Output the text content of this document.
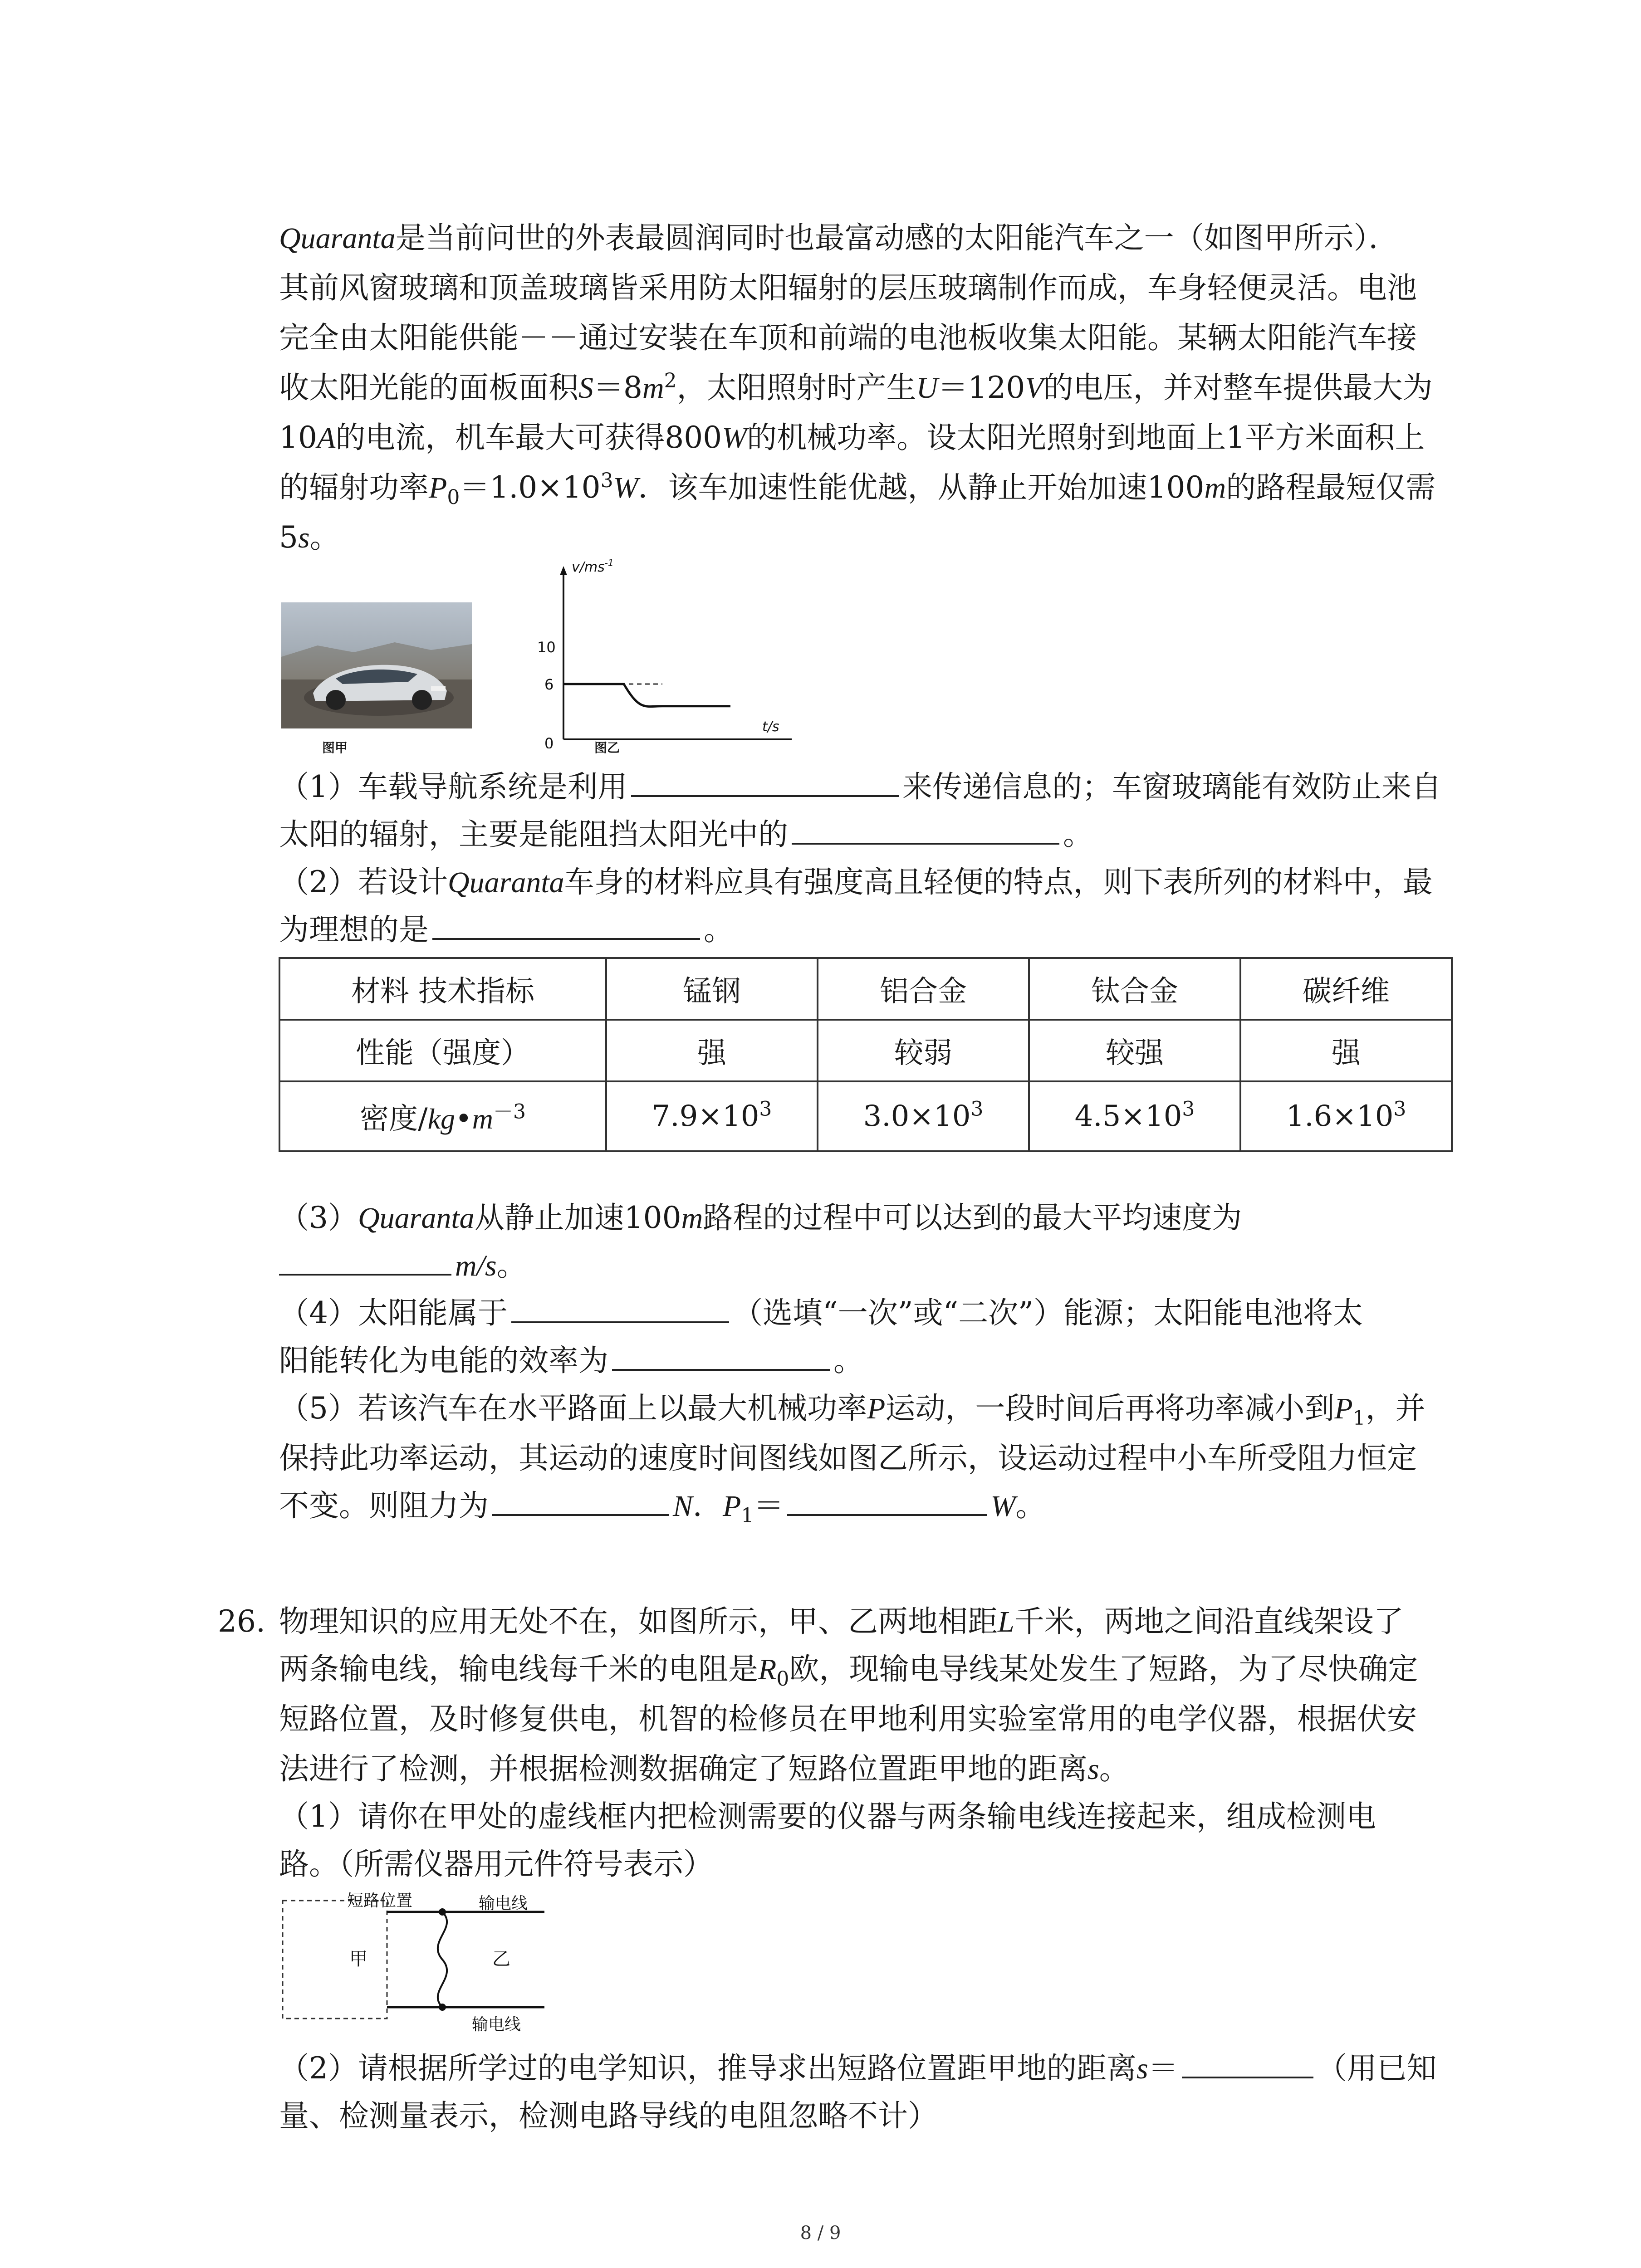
Quaranta是当前问世的外表最圆润同时也最富动感的太阳能汽车之一（如图甲所示）．
其前风窗玻璃和顶盖玻璃皆采用防太阳辐射的层压玻璃制作而成，车身轻便灵活。电池
完全由太阳能供能－－通过安装在车顶和前端的电池板收集太阳能。某辆太阳能汽车接
收太阳光能的面板面积$S=8m^2$，太阳照射时产生U＝120V的电压，并对整车提供最大为
10A的电流，机车最大可获得800W的机械功率。设太阳光照射到地面上1平方米面积上
的辐射功率$P_0=1.0\times 10^3W$．该车加速性能优越，从静止开始加速100m的路程最短仅需
5s。
图甲
$v/ms^{-1}$
10
6
0
t/s
图乙
（1）车载导航系统是利用	来传递信息的；车窗玻璃能有效防止来自
太阳的辐射，主要是能阻挡太阳光中的	。
（2）若设计Quaranta车身的材料应具有强度高且轻便的特点，则下表所列的材料中，最
为理想的是	。
材料 技术指标	锰钢	铝合金	钛合金	碳纤维
性能（强度）	强	较弱	较强	强
密度$/kg•m^{-3}$	$7.9\times 10^3$	$3.0\times 10^3$	$4.5\times 10^3$	$1.6\times 10^3$
（3）Quaranta从静止加速100m路程的过程中可以达到的最大平均速度为
m/s。
（4）太阳能属于	（选填“一次”或“二次”）能源；太阳能电池将太
阳能转化为电能的效率为	。
（5）若该汽车在水平路面上以最大机械功率P运动，一段时间后再将功率减小到$P_1$，并
保持此功率运动，其运动的速度时间图线如图乙所示，设运动过程中小车所受阻力恒定
不变。则阻力为	N．$P_1=$	W。
26. 物理知识的应用无处不在，如图所示，甲、乙两地相距L千米，两地之间沿直线架设了
两条输电线，输电线每千米的电阻是$R_0$欧，现输电导线某处发生了短路，为了尽快确定
短路位置，及时修复供电，机智的检修员在甲地利用实验室常用的电学仪器，根据伏安
法进行了检测，并根据检测数据确定了短路位置距甲地的距离s。
（1）请你在甲处的虚线框内把检测需要的仪器与两条输电线连接起来，组成检测电
路。（所需仪器用元件符号表示）
短路位置	输电线
输电线
甲	乙
（2）请根据所学过的电学知识，推导求出短路位置距甲地的距离s＝	（用已知
量、检测量表示，检测电路导线的电阻忽略不计）
8 / 9
